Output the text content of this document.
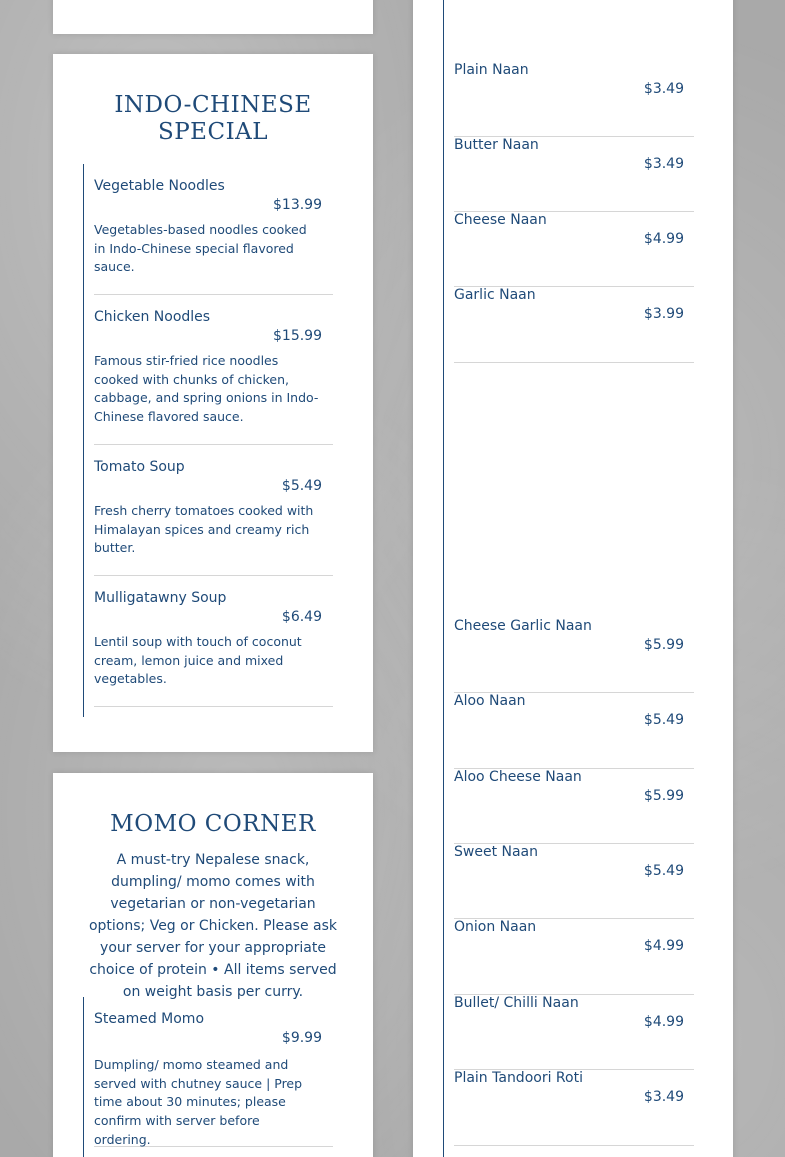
INDO-CHINESE SPECIAL
Vegetable Noodles
$13.99

Vegetables-based noodles cooked in Indo-Chinese special flavored sauce.

Chicken Noodles
$15.99

Famous stir-fried rice noodles cooked with chunks of chicken, cabbage, and spring onions in Indo-Chinese flavored sauce.

Tomato Soup
$5.49

Fresh cherry tomatoes cooked with Himalayan spices and creamy rich butter.

Mulligatawny Soup
$6.49

Lentil soup with touch of coconut cream, lemon juice and mixed vegetables.

MOMO CORNER

A must-try Nepalese snack, dumpling/ momo comes with vegetarian or non-vegetarian options; Veg or Chicken. Please ask your server for your appropriate choice of protein • All items served on weight basis per curry.

Steamed Momo
$9.99

Dumpling/ momo steamed and served with chutney sauce | Prep time about 30 minutes; please confirm with server before ordering.

Plain Naan
$3.49
Butter Naan
$3.49
Cheese Naan
$4.99
Garlic Naan
$3.99
Cheese Garlic Naan
$5.99
Aloo Naan
$5.49
Aloo Cheese Naan
$5.99
Sweet Naan
$5.49
Onion Naan
$4.99
Bullet/ Chilli Naan
$4.99
Plain Tandoori Roti
$3.49
